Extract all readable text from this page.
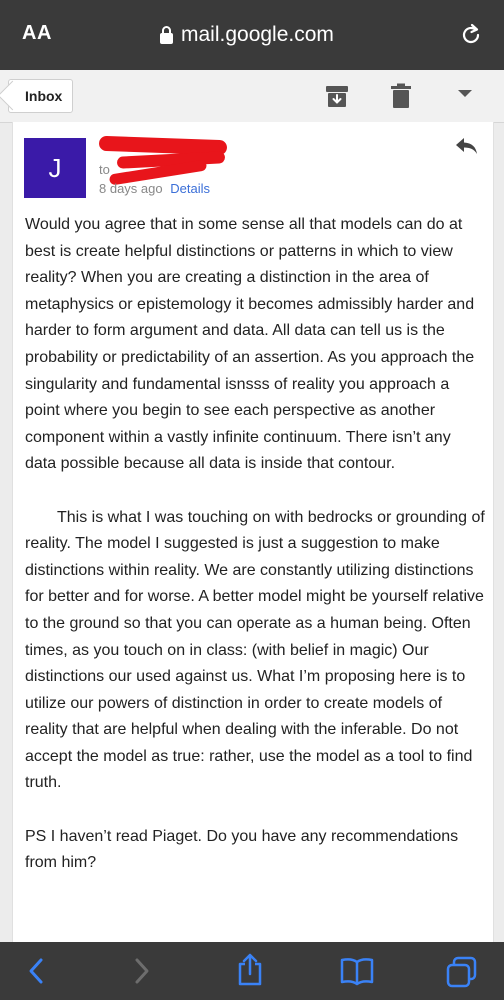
AA	mail.google.com
Inbox
J	to
8 days ago Details

Would you agree that in some sense all that models can do at best is create helpful distinctions or patterns in which to view reality? When you are creating a distinction in the area of metaphysics or epistemology it becomes admissibly harder and harder to form argument and data. All data can tell us is the probability or predictability of an assertion. As you approach the singularity and fundamental isnsss of reality you approach a point where you begin to see each perspective as another component within a vastly infinite continuum. There isn’t any data possible because all data is inside that contour.

This is what I was touching on with bedrocks or grounding of reality. The model I suggested is just a suggestion to make distinctions within reality. We are constantly utilizing distinctions for better and for worse. A better model might be yourself relative to the ground so that you can operate as a human being. Often times, as you touch on in class: (with belief in magic) Our distinctions our used against us. What I’m proposing here is to utilize our powers of distinction in order to create models of reality that are helpful when dealing with the inferable. Do not accept the model as true: rather, use the model as a tool to find truth.

PS I haven’t read Piaget. Do you have any recommendations from him?
